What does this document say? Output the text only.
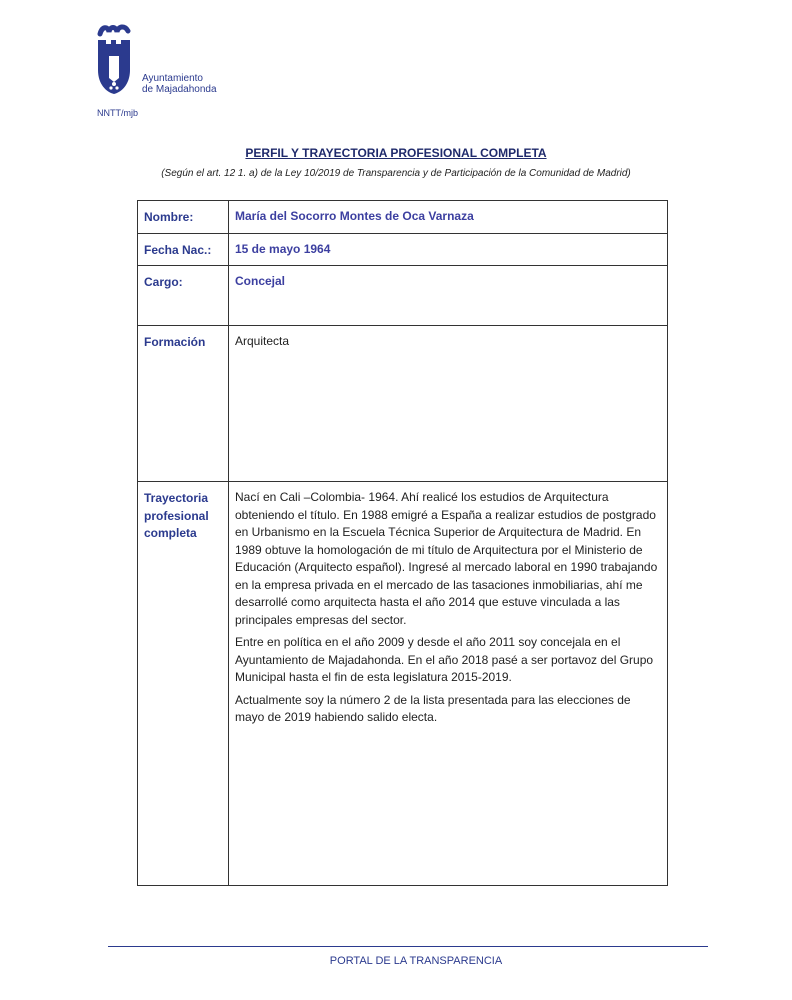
Ayuntamiento
de Majadahonda
NNTT/mjb
PERFIL Y TRAYECTORIA PROFESIONAL COMPLETA
(Según el art. 12 1. a) de la Ley 10/2019 de Transparencia y de Participación de la Comunidad de Madrid)
Nombre:	María del Socorro Montes de Oca Varnaza

Fecha Nac.:	15 de mayo 1964

Cargo:	Concejal

Formación	Arquitecta

Trayectoria profesional completa	Nací en Cali –Colombia- 1964. Ahí realicé los estudios de Arquitectura obteniendo el título. En 1988 emigré a España a realizar estudios de postgrado en Urbanismo en la Escuela Técnica Superior de Arquitectura de Madrid. En 1989 obtuve la homologación de mi título de Arquitectura por el Ministerio de Educación (Arquitecto español). Ingresé al mercado laboral en 1990 trabajando en la empresa privada en el mercado de las tasaciones inmobiliarias, ahí me desarrollé como arquitecta hasta el año 2014 que estuve vinculada a las principales empresas del sector.

Entre en política en el año 2009 y desde el año 2011 soy concejala en el Ayuntamiento de Majadahonda. En el año 2018 pasé a ser portavoz del Grupo Municipal hasta el fin de esta legislatura 2015-2019.

Actualmente soy la número 2 de la lista presentada para las elecciones de mayo de 2019 habiendo salido electa.

PORTAL DE LA TRANSPARENCIA
